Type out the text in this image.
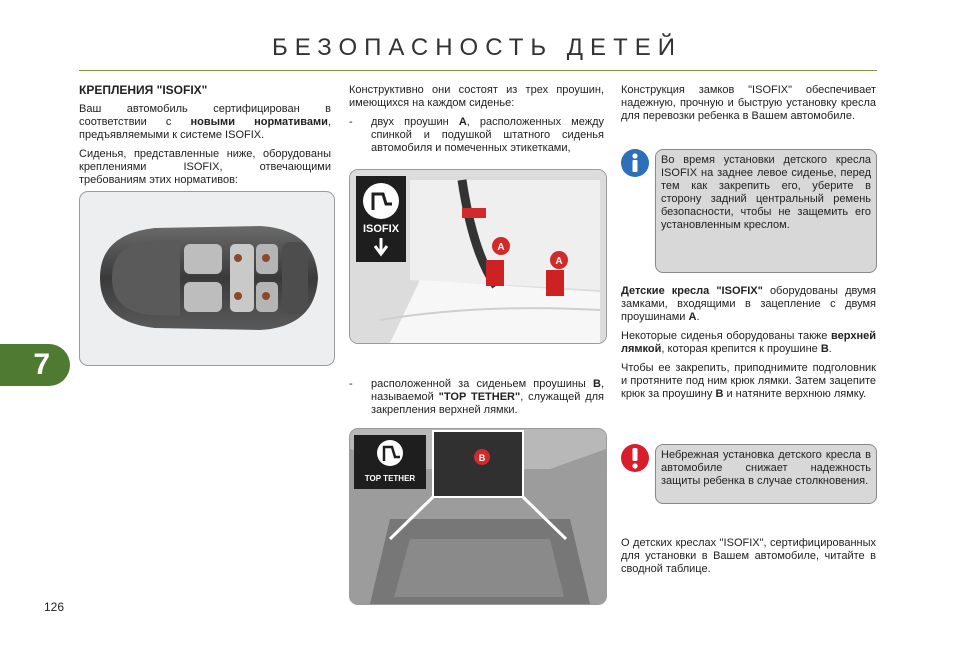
БЕЗОПАСНОСТЬ ДЕТЕЙ
7
126
КРЕПЛЕНИЯ "ISOFIX"

Ваш автомобиль сертифицирован в соответствии с новыми нормативами, предъявляемыми к системе ISOFIX.

Сиденья, представленные ниже, оборудованы креплениями ISOFIX, отвечающими требованиям этих нормативов:

Конструктивно они состоят из трех проушин, имеющихся на каждом сиденье:

-	двух проушин A, расположенных между спинкой и подушкой штатного сиденья автомобиля и помеченных этикетками,
ISOFIX
A
A
-	расположенной за сиденьем проушины B, называемой "TOP TETHER", служащей для закрепления верхней лямки.
B
TOP TETHER

Конструкция замков "ISOFIX" обеспечивает надежную, прочную и быструю установку кресла для перевозки ребенка в Вашем автомобиле.

Во время установки детского кресла ISOFIX на заднее левое сиденье, перед тем как закрепить его, уберите в сторону задний центральный ремень безопасности, чтобы не защемить его установленным креслом.

Детские кресла "ISOFIX" оборудованы двумя замками, входящими в зацепление с двумя проушинами A.

Некоторые сиденья оборудованы также верхней лямкой, которая крепится к проушине B.

Чтобы ее закрепить, приподнимите подголовник и протяните под ним крюк лямки. Затем зацепите крюк за проушину B и натяните верхнюю лямку.

Небрежная установка детского кресла в автомобиле снижает надежность защиты ребенка в случае столкновения.

О детских креслах "ISOFIX", сертифицированных для установки в Вашем автомобиле, читайте в сводной таблице.
